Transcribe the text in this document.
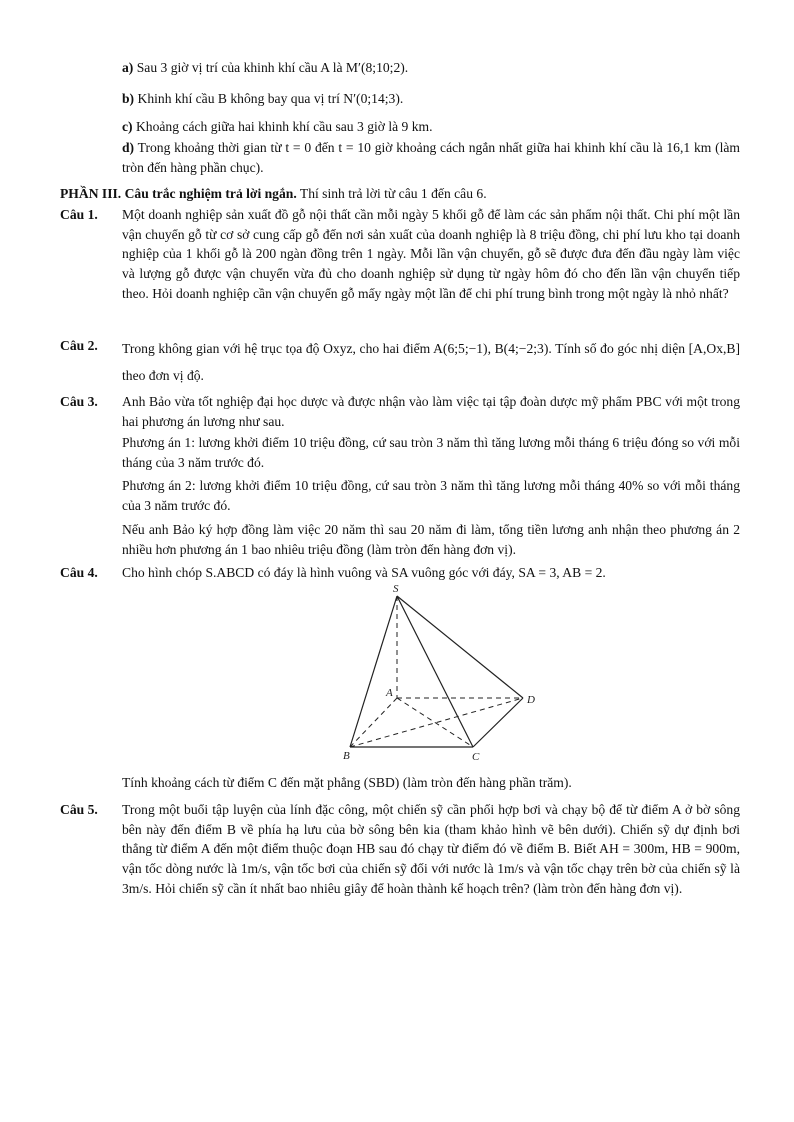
a) Sau 3 giờ vị trí của khinh khí cầu A là M′(8;10;2).
b) Khinh khí cầu B không bay qua vị trí N′(0;14;3).
c) Khoảng cách giữa hai khinh khí cầu sau 3 giờ là 9 km.
d) Trong khoảng thời gian từ t = 0 đến t = 10 giờ khoảng cách ngắn nhất giữa hai khinh khí cầu là 16,1 km (làm tròn đến hàng phần chục).
PHẦN III. Câu trắc nghiệm trả lời ngắn. Thí sinh trả lời từ câu 1 đến câu 6.
Câu 1.	Một doanh nghiệp sản xuất đồ gỗ nội thất cần mỗi ngày 5 khối gỗ để làm các sản phẩm nội thất. Chi phí một lần vận chuyển gỗ từ cơ sở cung cấp gỗ đến nơi sản xuất của doanh nghiệp là 8 triệu đồng, chi phí lưu kho tại doanh nghiệp của 1 khối gỗ là 200 ngàn đồng trên 1 ngày. Mỗi lần vận chuyển, gỗ sẽ được đưa đến đầu ngày làm việc và lượng gỗ được vận chuyển vừa đủ cho doanh nghiệp sử dụng từ ngày hôm đó cho đến lần vận chuyển tiếp theo. Hỏi doanh nghiệp cần vận chuyển gỗ mấy ngày một lần để chi phí trung bình trong một ngày là nhỏ nhất?
Câu 2.	Trong không gian với hệ trục tọa độ Oxyz, cho hai điểm A(6;5;−1), B(4;−2;3). Tính số đo góc nhị diện [A,Ox,B] theo đơn vị độ.
Câu 3.	Anh Bảo vừa tốt nghiệp đại học dược và được nhận vào làm việc tại tập đoàn dược mỹ phẩm PBC với một trong hai phương án lương như sau.
Phương án 1: lương khởi điểm 10 triệu đồng, cứ sau tròn 3 năm thì tăng lương mỗi tháng 6 triệu đóng so với mỗi tháng của 3 năm trước đó.
Phương án 2: lương khởi điểm 10 triệu đồng, cứ sau tròn 3 năm thì tăng lương mỗi tháng 40% so với mỗi tháng của 3 năm trước đó.
Nếu anh Bảo ký hợp đồng làm việc 20 năm thì sau 20 năm đi làm, tổng tiền lương anh nhận theo phương án 2 nhiều hơn phương án 1 bao nhiêu triệu đồng (làm tròn đến hàng đơn vị).
Câu 4.	Cho hình chóp S.ABCD có đáy là hình vuông và SA vuông góc với đáy, SA = 3, AB = 2.
S
A
B	C
D
Tính khoảng cách từ điểm C đến mặt phẳng (SBD) (làm tròn đến hàng phần trăm).
Câu 5.	Trong một buổi tập luyện của lính đặc công, một chiến sỹ cần phối hợp bơi và chạy bộ để từ điểm A ở bờ sông bên này đến điểm B về phía hạ lưu của bờ sông bên kia (tham khảo hình vẽ bên dưới). Chiến sỹ dự định bơi thẳng từ điểm A đến một điểm thuộc đoạn HB sau đó chạy từ điểm đó về điểm B. Biết AH = 300m, HB = 900m, vận tốc dòng nước là 1m/s, vận tốc bơi của chiến sỹ đối với nước là 1m/s và vận tốc chạy trên bờ của chiến sỹ là 3m/s. Hỏi chiến sỹ cần ít nhất bao nhiêu giây để hoàn thành kế hoạch trên? (làm tròn đến hàng đơn vị).
